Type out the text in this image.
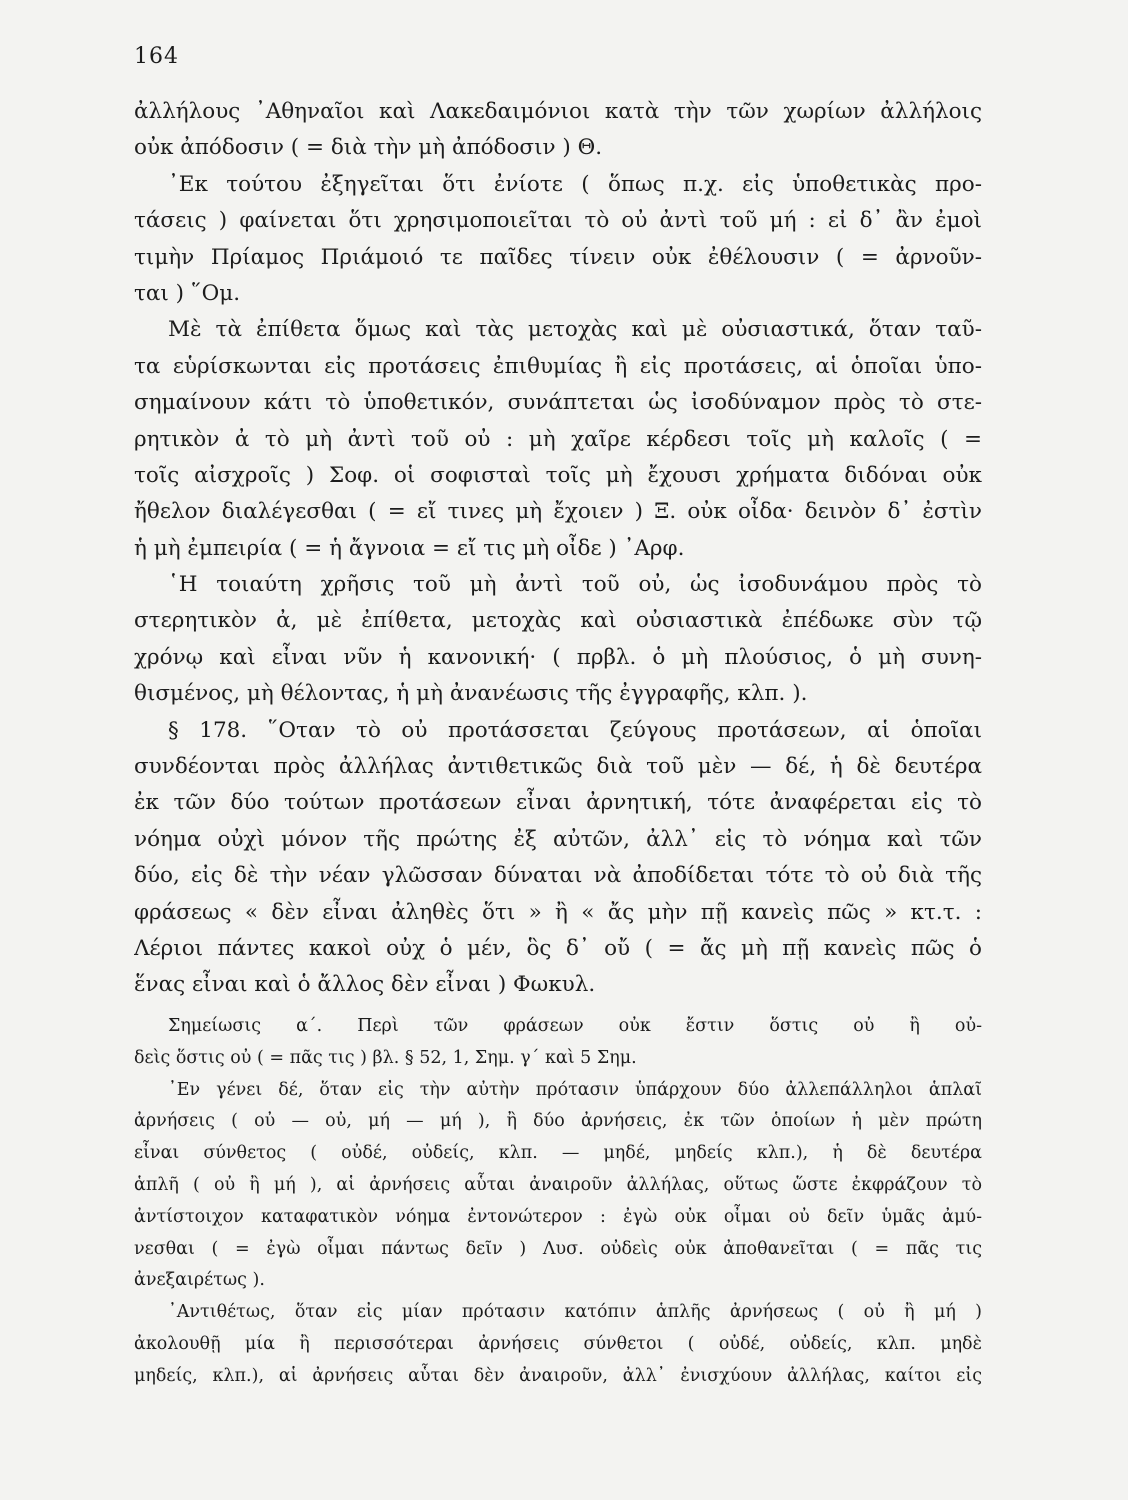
164
ἀλλήλους ᾿Αθηναῖοι καὶ Λακεδαιμόνιοι κατὰ τὴν τῶν χωρίων ἀλλήλοις
οὐκ ἀπόδοσιν ( = διὰ τὴν μὴ ἀπόδοσιν ) Θ.
᾿Εκ τούτου ἐξηγεῖται ὅτι ἐνίοτε ( ὅπως π.χ. εἰς ὑποθετικὰς προ-
τάσεις ) φαίνεται ὅτι χρησιμοποιεῖται τὸ οὐ ἀντὶ τοῦ μή : εἰ δ᾿ ἂν ἐμοὶ
τιμὴν Πρίαμος Πριάμοιό τε παῖδες τίνειν οὐκ ἐθέλουσιν ( = ἀρνοῦν-
ται ) ῞Ομ.
Μὲ τὰ ἐπίθετα ὅμως καὶ τὰς μετοχὰς καὶ μὲ οὐσιαστικά, ὅταν ταῦ-
τα εὑρίσκωνται εἰς προτάσεις ἐπιθυμίας ἢ εἰς προτάσεις, αἱ ὁποῖαι ὑπο-
σημαίνουν κάτι τὸ ὑποθετικόν, συνάπτεται ὡς ἰσοδύναμον πρὸς τὸ στε-
ρητικὸν ἀ τὸ μὴ ἀντὶ τοῦ οὐ : μὴ χαῖρε κέρδεσι τοῖς μὴ καλοῖς ( =
τοῖς αἰσχροῖς ) Σοφ. οἱ σοφισταὶ τοῖς μὴ ἔχουσι χρήματα διδόναι οὐκ
ἤθελον διαλέγεσθαι ( = εἴ τινες μὴ ἔχοιεν ) Ξ. οὐκ οἶδα· δεινὸν δ᾿ ἐστὶν
ἡ μὴ ἐμπειρία ( = ἡ ἄγνοια = εἴ τις μὴ οἶδε ) ᾿Αρφ.
῾Η τοιαύτη χρῆσις τοῦ μὴ ἀντὶ τοῦ οὐ, ὡς ἰσοδυνάμου πρὸς τὸ
στερητικὸν ἀ, μὲ ἐπίθετα, μετοχὰς καὶ οὐσιαστικὰ ἐπέδωκε σὺν τῷ
χρόνῳ καὶ εἶναι νῦν ἡ κανονική· ( πρβλ. ὁ μὴ πλούσιος, ὁ μὴ συνη-
θισμένος, μὴ θέλοντας, ἡ μὴ ἀνανέωσις τῆς ἐγγραφῆς, κλπ. ).
§ 178. ῞Οταν τὸ οὐ προτάσσεται ζεύγους προτάσεων, αἱ ὁποῖαι
συνδέονται πρὸς ἀλλήλας ἀντιθετικῶς διὰ τοῦ μὲν — δέ, ἡ δὲ δευτέρα
ἐκ τῶν δύο τούτων προτάσεων εἶναι ἀρνητική, τότε ἀναφέρεται εἰς τὸ
νόημα οὐχὶ μόνον τῆς πρώτης ἐξ αὐτῶν, ἀλλ᾿ εἰς τὸ νόημα καὶ τῶν
δύο, εἰς δὲ τὴν νέαν γλῶσσαν δύναται νὰ ἀποδίδεται τότε τὸ οὐ διὰ τῆς
φράσεως « δὲν εἶναι ἀληθὲς ὅτι » ἢ « ἄς μὴν πῇ κανεὶς πῶς » κτ.τ. :
Λέριοι πάντες κακοὶ οὐχ ὁ μέν, ὃς δ᾿ οὔ ( = ἄς μὴ πῇ κανεὶς πῶς ὁ
ἕνας εἶναι καὶ ὁ ἄλλος δὲν εἶναι ) Φωκυλ.
Σημείωσις α΄. Περὶ τῶν φράσεων οὐκ ἔστιν ὅστις οὐ ἢ οὐ-
δεὶς ὅστις οὐ ( = πᾶς τις ) βλ. § 52, 1, Σημ. γ΄ καὶ 5 Σημ.
᾿Εν γένει δέ, ὅταν εἰς τὴν αὐτὴν πρότασιν ὑπάρχουν δύο ἀλλεπάλληλοι ἁπλαῖ
ἀρνήσεις ( οὐ — οὐ, μή — μή ), ἢ δύο ἀρνήσεις, ἐκ τῶν ὁποίων ἡ μὲν πρώτη
εἶναι σύνθετος ( οὐδέ, οὐδείς, κλπ. — μηδέ, μηδείς κλπ.), ἡ δὲ δευτέρα
ἁπλῆ ( οὐ ἢ μή ), αἱ ἀρνήσεις αὗται ἀναιροῦν ἀλλήλας, οὕτως ὥστε ἐκφράζουν τὸ
ἀντίστοιχον καταφατικὸν νόημα ἐντονώτερον : ἐγὼ οὐκ οἶμαι οὐ δεῖν ὑμᾶς ἀμύ-
νεσθαι ( = ἐγὼ οἶμαι πάντως δεῖν ) Λυσ. οὐδεὶς οὐκ ἀποθανεῖται ( = πᾶς τις
ἀνεξαιρέτως ).
᾿Αντιθέτως, ὅταν εἰς μίαν πρότασιν κατόπιν ἁπλῆς ἀρνήσεως ( οὐ ἢ μή )
ἀκολουθῇ μία ἢ περισσότεραι ἀρνήσεις σύνθετοι ( οὐδέ, οὐδείς, κλπ. μηδὲ
μηδείς, κλπ.), αἱ ἀρνήσεις αὗται δὲν ἀναιροῦν, ἀλλ᾿ ἐνισχύουν ἀλλήλας, καίτοι εἰς
